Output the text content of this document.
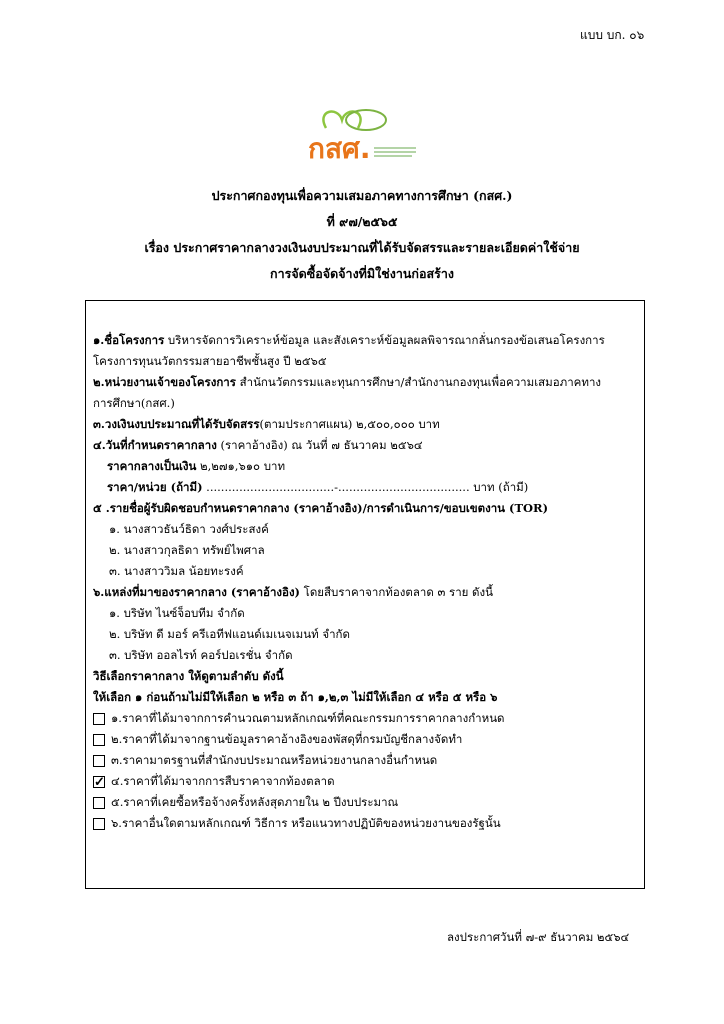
แบบ บก. ๐๖
กสศ.
ประกาศกองทุนเพื่อความเสมอภาคทางการศึกษา (กสศ.)
ที่ ๙๗/๒๕๖๕
เรื่อง ประกาศราคากลางวงเงินงบประมาณที่ได้รับจัดสรรและรายละเอียดค่าใช้จ่าย
การจัดซื้อจัดจ้างที่มิใช่งานก่อสร้าง
๑.ชื่อโครงการ บริหารจัดการวิเคราะห์ข้อมูล และสังเคราะห์ข้อมูลผลพิจารณากลั่นกรองข้อเสนอโครงการ
โครงการทุนนวัตกรรมสายอาชีพชั้นสูง ปี ๒๕๖๕
๒.หน่วยงานเจ้าของโครงการ สำนักนวัตกรรมและทุนการศึกษา/สำนักงานกองทุนเพื่อความเสมอภาคทาง
การศึกษา(กสศ.)
๓.วงเงินงบประมาณที่ได้รับจัดสรร(ตามประกาศแผน) ๒,๕๐๐,๐๐๐ บาท
๔.วันที่กำหนดราคากลาง (ราคาอ้างอิง) ณ วันที่ ๗ ธันวาคม ๒๕๖๔
ราคากลางเป็นเงิน ๒,๒๗๑,๖๑๐ บาท
ราคา/หน่วย (ถ้ามี) ...................................-.................................... บาท (ถ้ามี)
๕ .รายชื่อผู้รับผิดชอบกำหนดราคากลาง (ราคาอ้างอิง)/การดำเนินการ/ขอบเขตงาน (TOR)
๑. นางสาวธันว์ธิดา วงศ์ประสงค์
๒. นางสาวกุลธิดา ทรัพย์ไพศาล
๓. นางสาววิมล น้อยทะรงค์
๖.แหล่งที่มาของราคากลาง (ราคาอ้างอิง) โดยสืบราคาจากท้องตลาด ๓ ราย ดังนี้
๑. บริษัท ไนซ์จ็อบทีม จำกัด
๒. บริษัท ดี มอร์ ครีเอทีฟแอนด์เมเนจเมนท์ จำกัด
๓. บริษัท ออลไรท์ คอร์ปอเรชั่น จำกัด
วิธีเลือกราคากลาง ให้ดูตามลำดับ ดังนี้
ให้เลือก ๑ ก่อนถ้ามไม่มีให้เลือก ๒ หรือ ๓ ถ้า ๑,๒,๓ ไม่มีให้เลือก ๔ หรือ ๕ หรือ ๖
๑.ราคาที่ได้มาจากการคำนวณตามหลักเกณฑ์ที่คณะกรรมการราคากลางกำหนด
๒.ราคาที่ได้มาจากฐานข้อมูลราคาอ้างอิงของพัสดุที่กรมบัญชีกลางจัดทำ
๓.ราคามาตรฐานที่สำนักงบประมาณหรือหน่วยงานกลางอื่นกำหนด
✓
๔.ราคาที่ได้มาจากการสืบราคาจากท้องตลาด
๕.ราคาที่เคยซื้อหรือจ้างครั้งหลังสุดภายใน ๒ ปีงบประมาณ
๖.ราคาอื่นใดตามหลักเกณฑ์ วิธีการ หรือแนวทางปฏิบัติของหน่วยงานของรัฐนั้น
ลงประกาศวันที่ ๗-๙ ธันวาคม ๒๕๖๔
